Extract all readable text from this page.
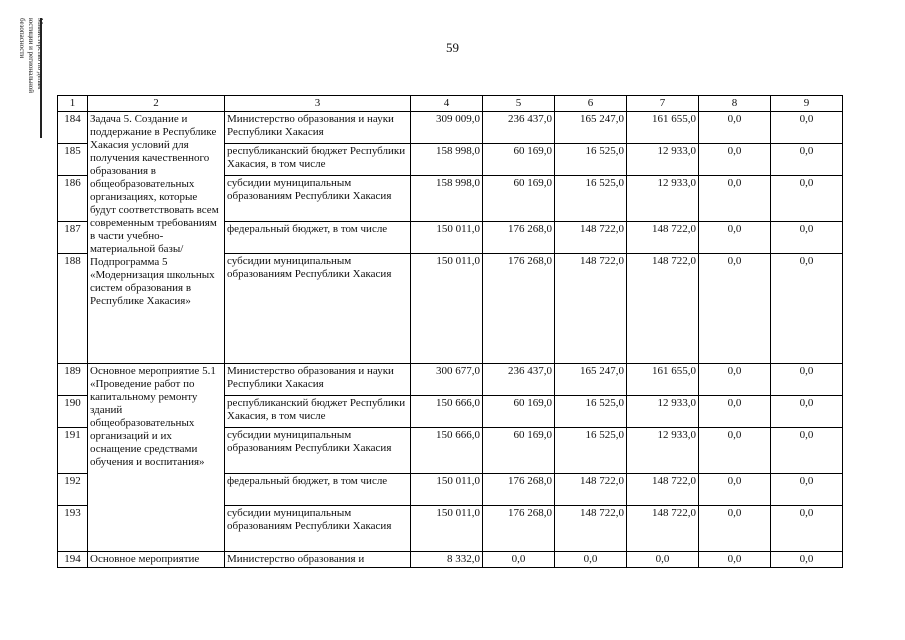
Министерство по делам
юстиции и региональной
безопасности	59
1	2	3	4	5	6	7	8	9
184	Задача 5. Создание и поддержание в Республике Хакасия условий для получения качественного образования в общеобразовательных организациях, которые будут соответствовать всем современным требованиям в части учебно-материальной базы/Подпрограмма 5 «Модернизация школьных систем образования в Республике Хакасия»	Министерство образования и науки Республики Хакасия	309 009,0	236 437,0	165 247,0	161 655,0	0,0	0,0
185		республиканский бюджет Республики Хакасия, в том числе	158 998,0	60 169,0	16 525,0	12 933,0	0,0	0,0
186		субсидии муниципальным образованиям Республики Хакасия	158 998,0	60 169,0	16 525,0	12 933,0	0,0	0,0
187		федеральный бюджет, в том числе	150 011,0	176 268,0	148 722,0	148 722,0	0,0	0,0
188		субсидии муниципальным образованиям Республики Хакасия	150 011,0	176 268,0	148 722,0	148 722,0	0,0	0,0
189	Основное мероприятие 5.1 «Проведение работ по капитальному ремонту зданий общеобразовательных организаций и их оснащение средствами обучения и воспитания»	Министерство образования и науки Республики Хакасия	300 677,0	236 437,0	165 247,0	161 655,0	0,0	0,0
190		республиканский бюджет Республики Хакасия, в том числе	150 666,0	60 169,0	16 525,0	12 933,0	0,0	0,0
191		субсидии муниципальным образованиям Республики Хакасия	150 666,0	60 169,0	16 525,0	12 933,0	0,0	0,0
192		федеральный бюджет, в том числе	150 011,0	176 268,0	148 722,0	148 722,0	0,0	0,0
193		субсидии муниципальным образованиям Республики Хакасия	150 011,0	176 268,0	148 722,0	148 722,0	0,0	0,0
194	Основное мероприятие	Министерство образования и	8 332,0	0,0	0,0	0,0	0,0	0,0
